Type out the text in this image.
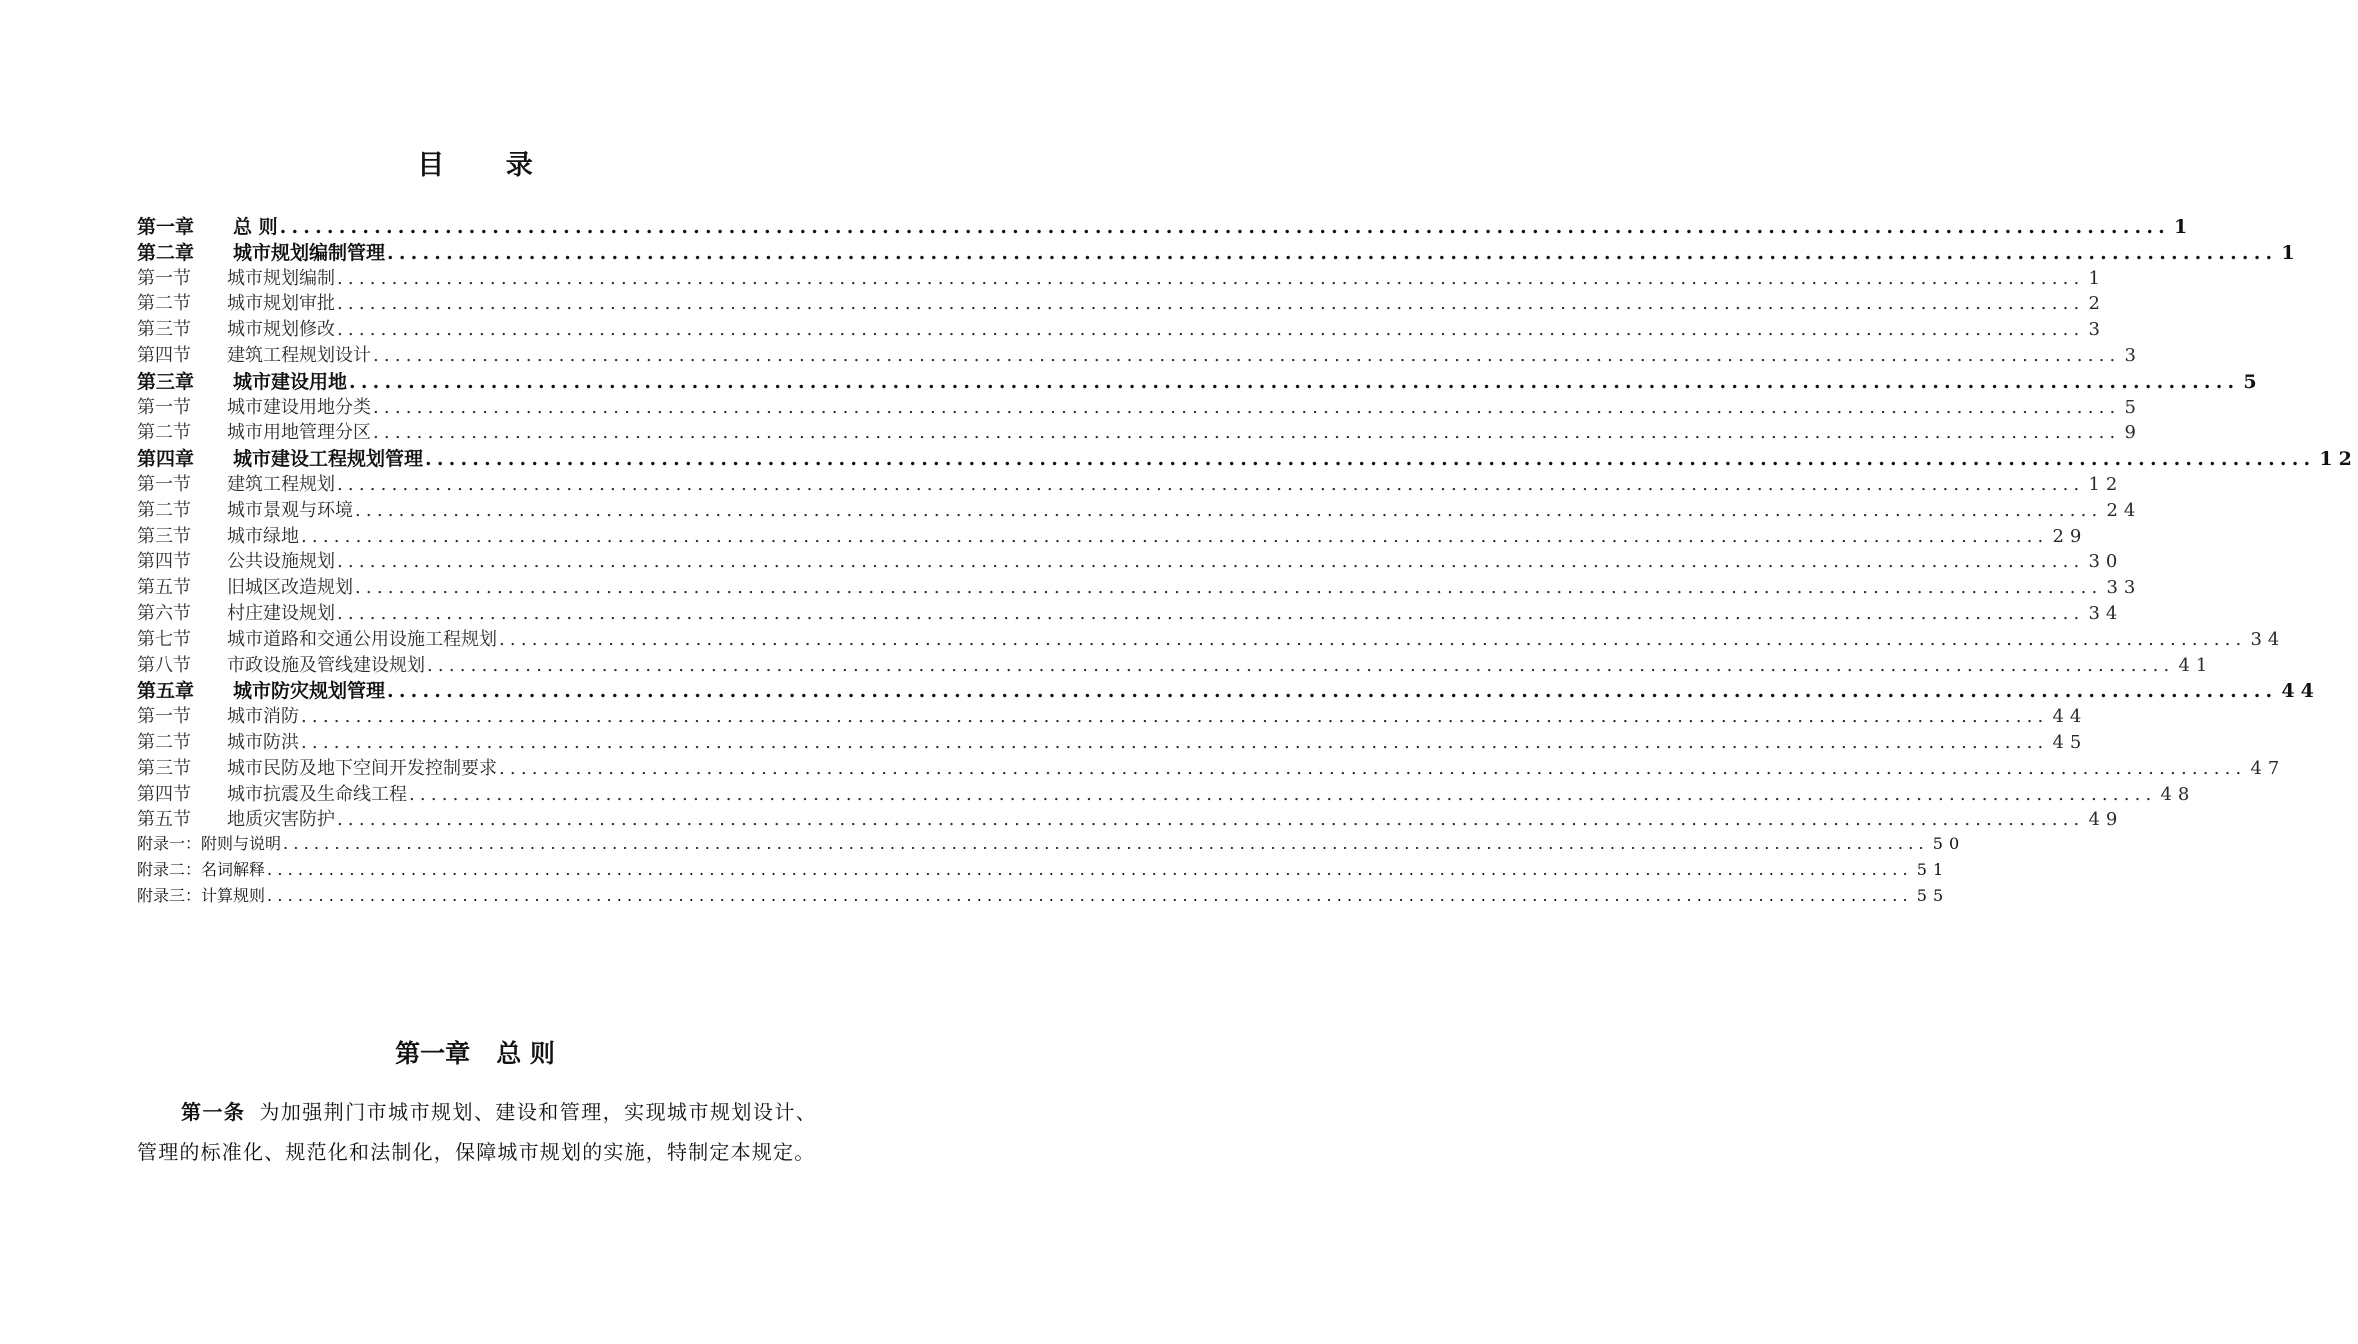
目 录
第一章	总 则 .....	1
第二章	城市规划编制管理 .....	1
第一节	城市规划编制 .....	1
第二节	城市规划审批 .....	2
第三节	城市规划修改 .....	3
第四节	建筑工程规划设计 .....	3
第三章	城市建设用地 .....	5
第一节	城市建设用地分类 .....	5
第二节	城市用地管理分区 .....	9
第四章	城市建设工程规划管理 .....	12
第一节	建筑工程规划 .....	12
第二节	城市景观与环境 .....	24
第三节	城市绿地 .....	29
第四节	公共设施规划 .....	30
第五节	旧城区改造规划 .....	33
第六节	村庄建设规划 .....	34
第七节	城市道路和交通公用设施工程规划 .....	34
第八节	市政设施及管线建设规划 .....	41
第五章	城市防灾规划管理 .....	44
第一节	城市消防 .....	44
第二节	城市防洪 .....	45
第三节	城市民防及地下空间开发控制要求 .....	47
第四节	城市抗震及生命线工程 .....	48
第五节	地质灾害防护 .....	49
附录一： 附则与说明 .....	50
附录二： 名词解释 .....	51
附录三： 计算规则 .....	55
第一章   总 则

第一条 为加强荆门市城市规划、建设和管理，实现城市规划设计、管理的标准化、规范化和法制化，保障城市规划的实施，特制定本规定。
